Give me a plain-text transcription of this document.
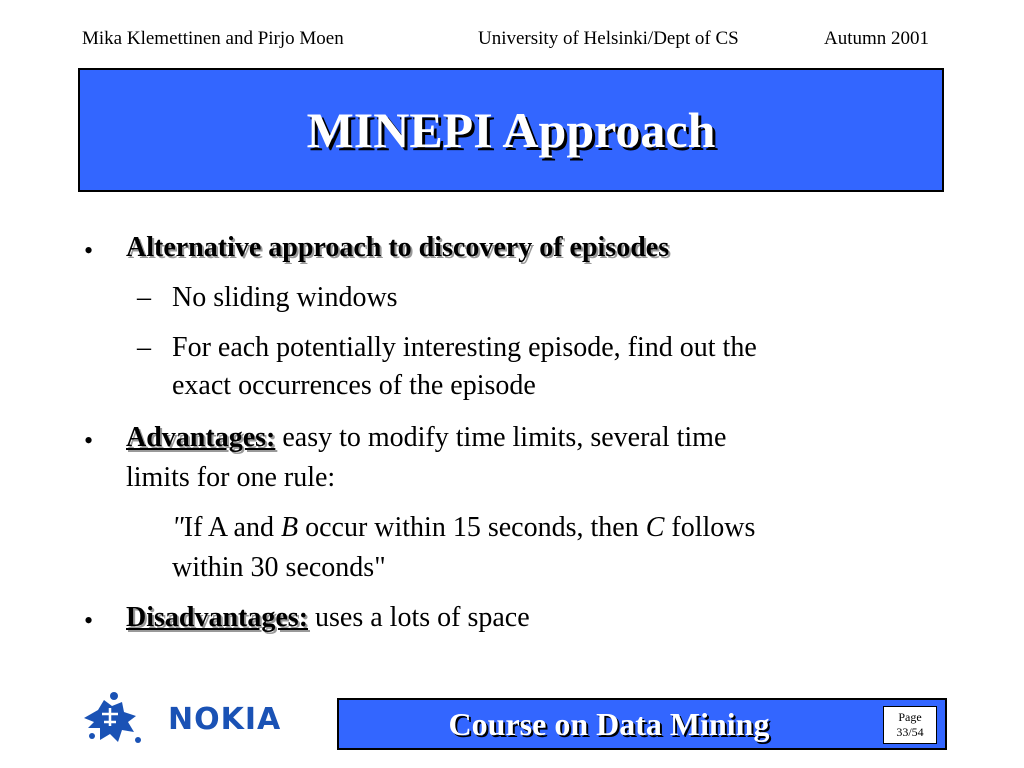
Mika Klemettinen and Pirjo Moen	University of Helsinki/Dept of CS	Autumn 2001
MINEPI Approach
• Alternative approach to discovery of episodes
– No sliding windows
– For each potentially interesting episode, find out the
exact occurrences of the episode
• Advantages: easy to modify time limits, several time
limits for one rule:
"If A and B occur within 15 seconds, then C follows
within 30 seconds"
• Disadvantages: uses a lots of space
NOKIA	Course on Data Mining	Page
33/54
